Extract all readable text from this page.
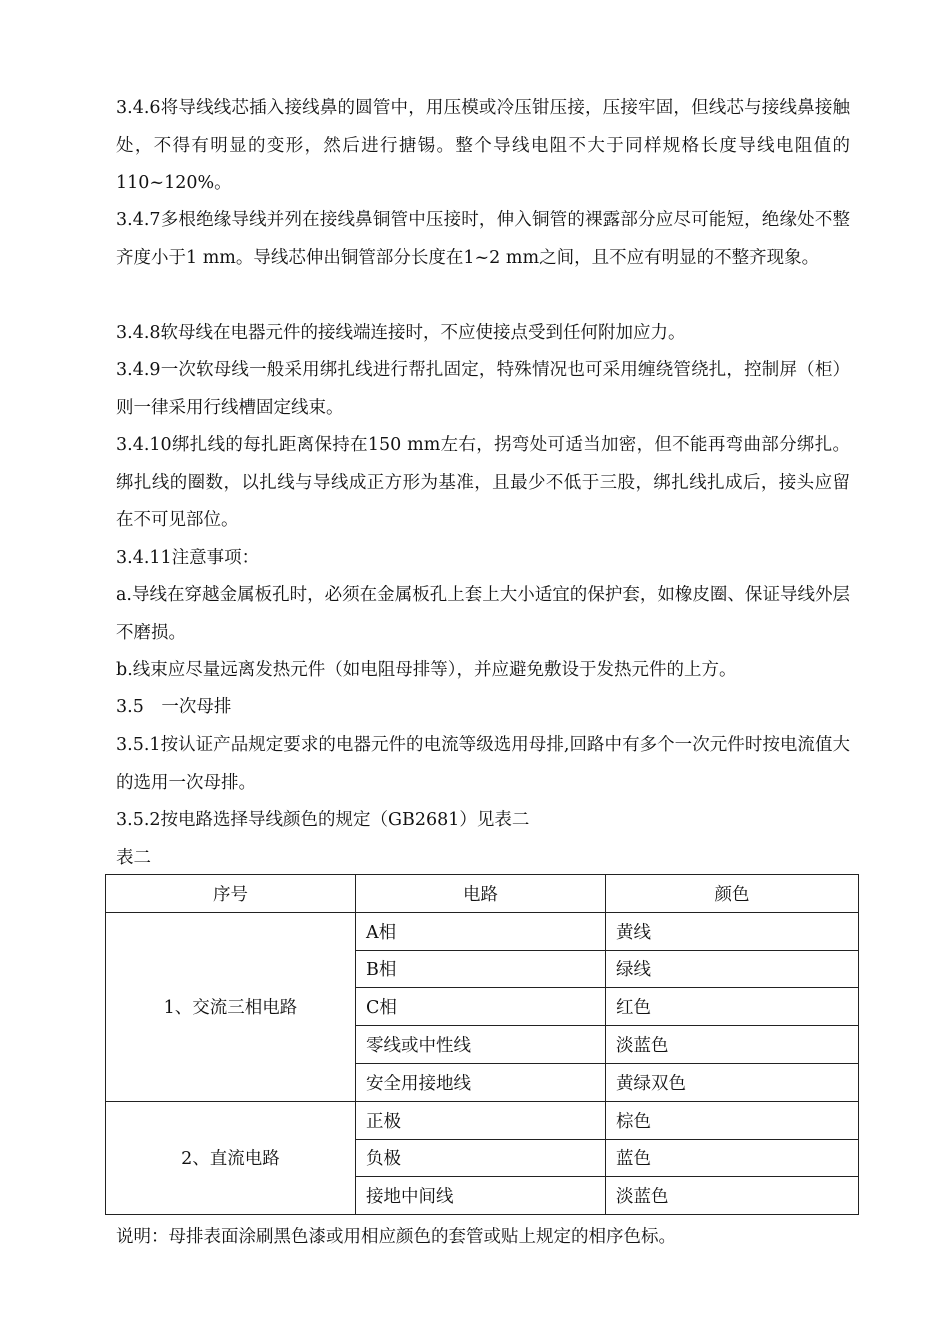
3.4.6将导线线芯插入接线鼻的圆管中，用压模或冷压钳压接，压接牢固，但线芯与接线鼻接触处，不得有明显的变形，然后进行搪锡。整个导线电阻不大于同样规格长度导线电阻值的110~120%。

3.4.7多根绝缘导线并列在接线鼻铜管中压接时，伸入铜管的裸露部分应尽可能短，绝缘处不整齐度小于1 mm。导线芯伸出铜管部分长度在1~2 mm之间，且不应有明显的不整齐现象。

3.4.8软母线在电器元件的接线端连接时，不应使接点受到任何附加应力。

3.4.9一次软母线一般采用绑扎线进行帮扎固定，特殊情况也可采用缠绕管绕扎，控制屏（柜）则一律采用行线槽固定线束。

3.4.10绑扎线的每扎距离保持在150 mm左右，拐弯处可适当加密，但不能再弯曲部分绑扎。绑扎线的圈数，以扎线与导线成正方形为基准，且最少不低于三股，绑扎线扎成后，接头应留在不可见部位。

3.4.11注意事项：

a.导线在穿越金属板孔时，必须在金属板孔上套上大小适宜的保护套，如橡皮圈、保证导线外层不磨损。

b.线束应尽量远离发热元件（如电阻母排等），并应避免敷设于发热元件的上方。

3.5　一次母排

3.5.1按认证产品规定要求的电器元件的电流等级选用母排,回路中有多个一次元件时按电流值大的选用一次母排。

3.5.2按电路选择导线颜色的规定（GB2681）见表二

表二

序号	电路	颜色
1、交流三相电路	A相	黄线
	B相	绿线
	C相	红色
	零线或中性线	淡蓝色
	安全用接地线	黄绿双色
2、直流电路	正极	棕色
	负极	蓝色
	接地中间线	淡蓝色

说明：母排表面涂刷黑色漆或用相应颜色的套管或贴上规定的相序色标。
